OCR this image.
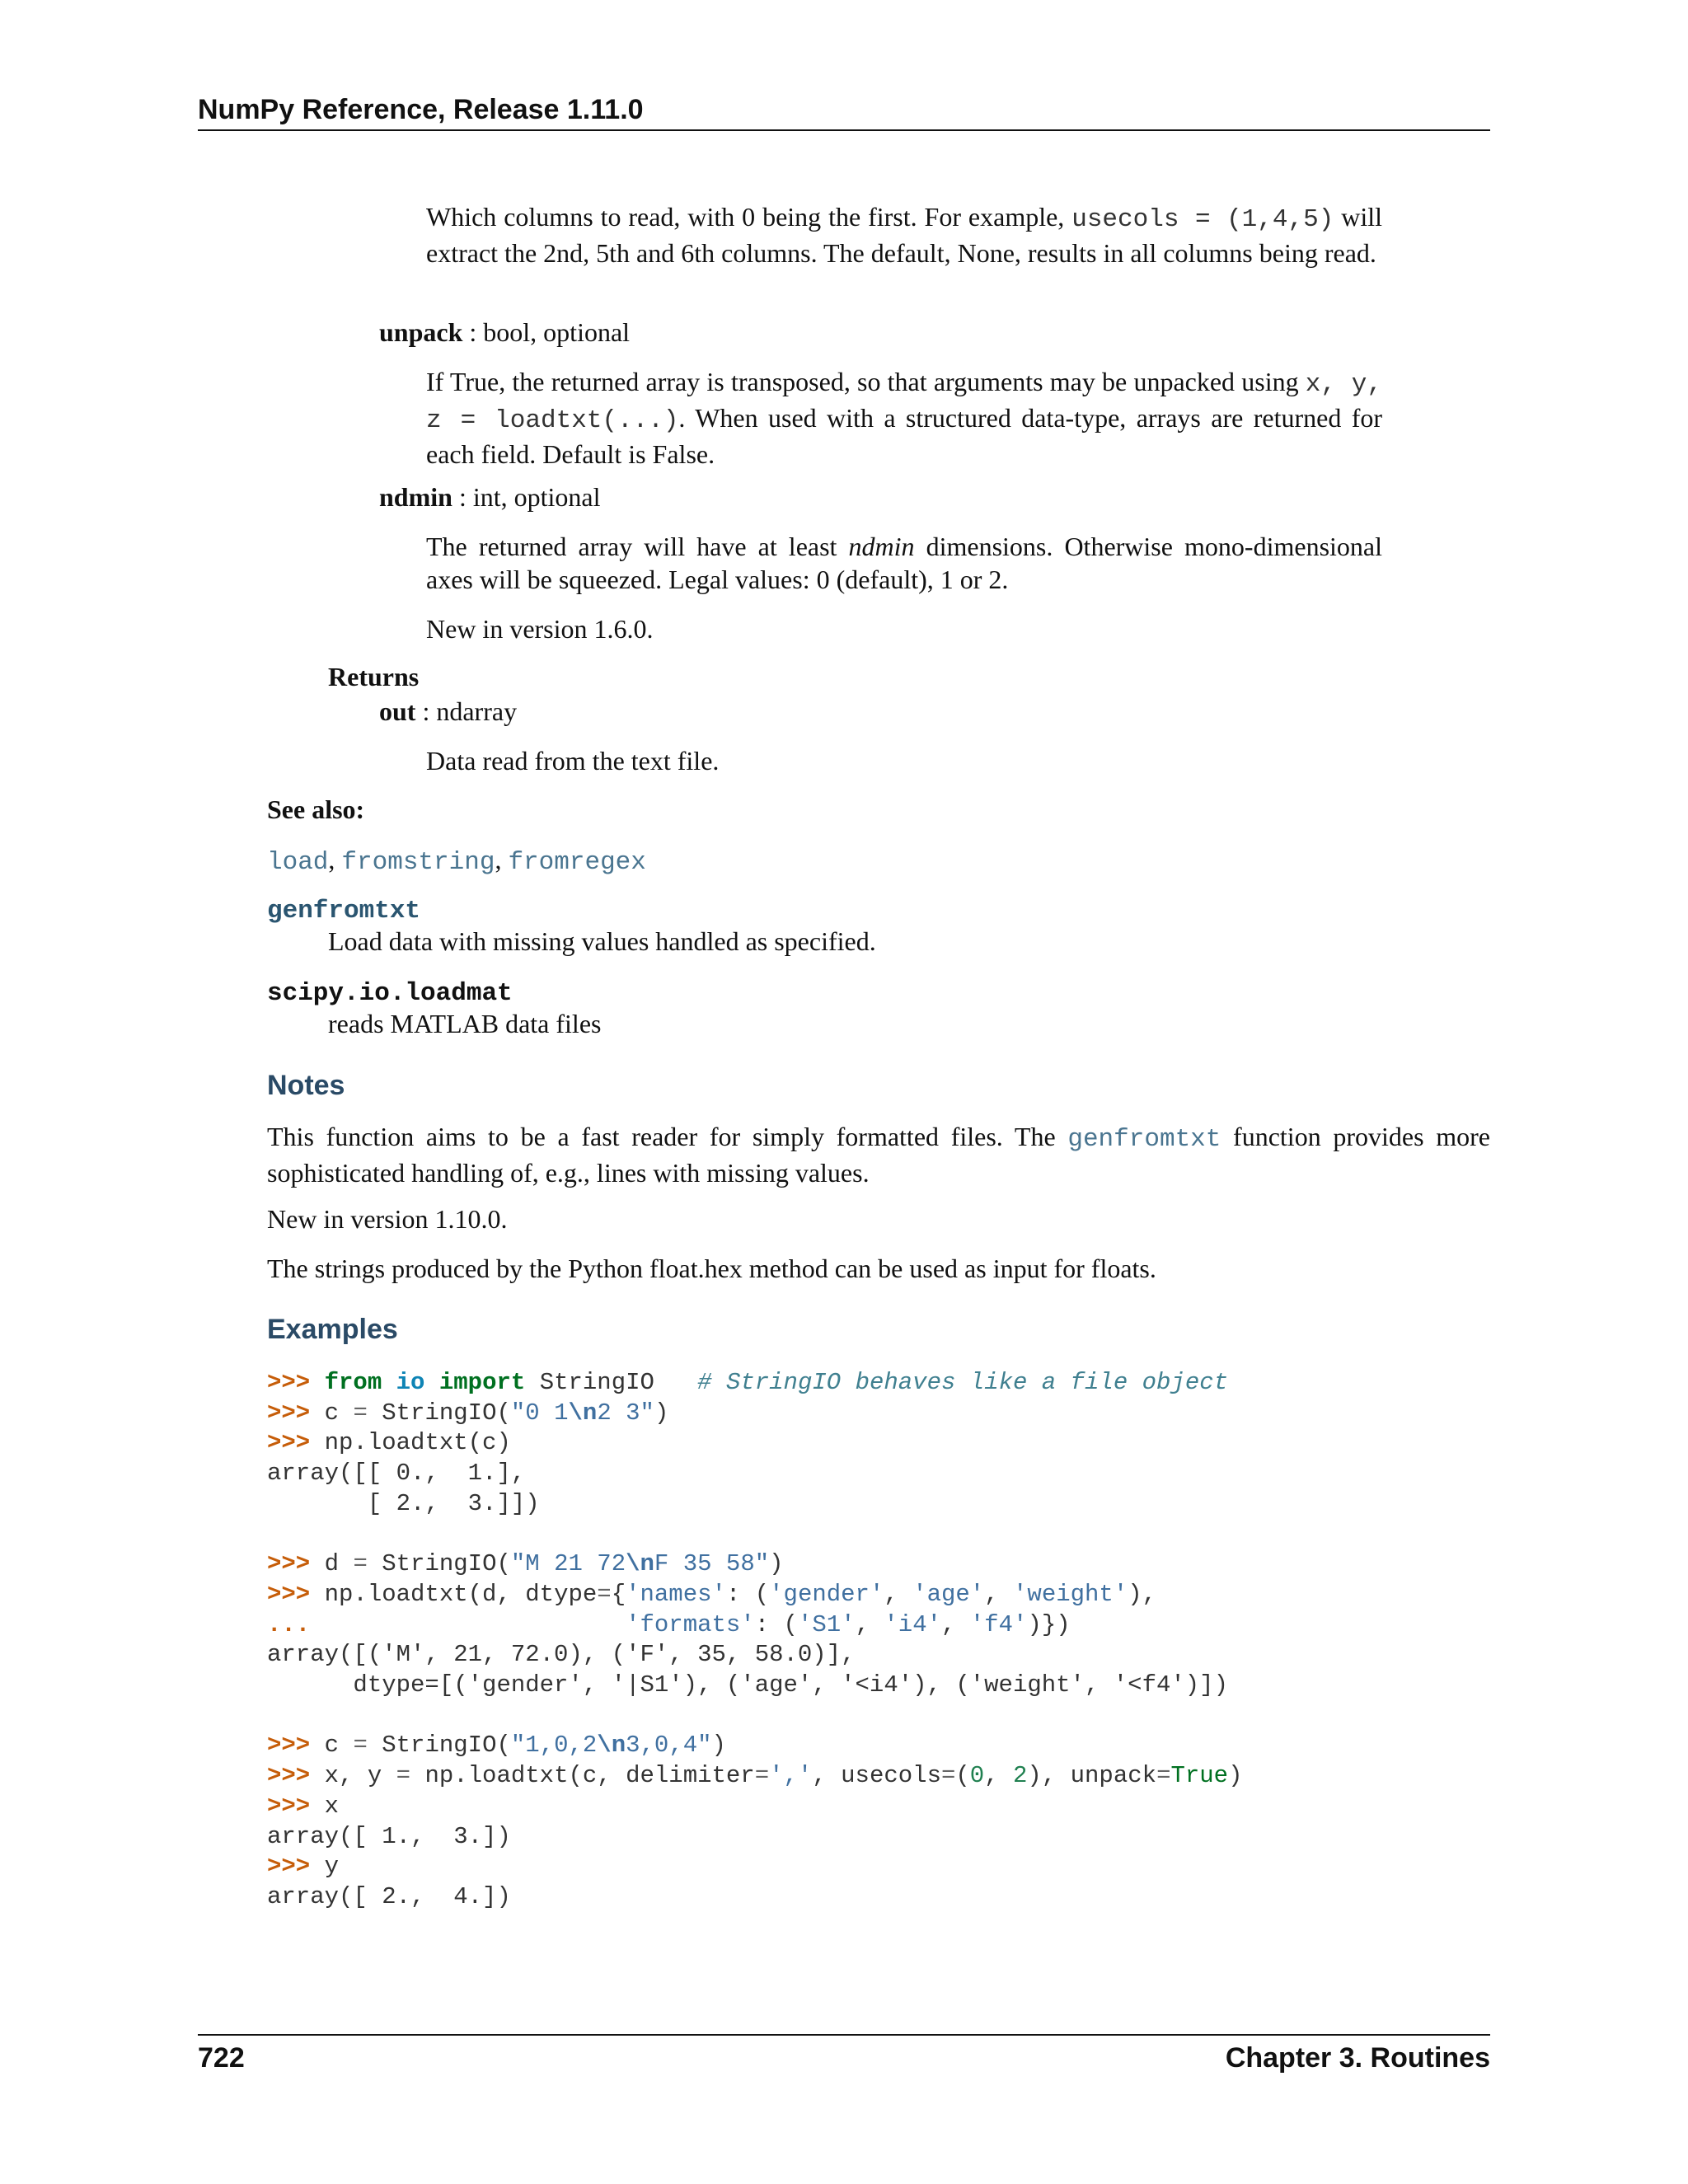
NumPy Reference, Release 1.11.0

Which columns to read, with 0 being the first. For example, usecols = (1,4,5) will extract the 2nd, 5th and 6th columns. The default, None, results in all columns being read.

unpack : bool, optional

If True, the returned array is transposed, so that arguments may be unpacked using x, y, z = loadtxt(...). When used with a structured data-type, arrays are returned for each field. Default is False.

ndmin : int, optional

The returned array will have at least ndmin dimensions. Otherwise mono-dimensional axes will be squeezed. Legal values: 0 (default), 1 or 2.

New in version 1.6.0.

Returns

out : ndarray

Data read from the text file.

See also:

load, fromstring, fromregex

genfromtxt

Load data with missing values handled as specified.

scipy.io.loadmat

reads MATLAB data files

Notes

This function aims to be a fast reader for simply formatted files. The genfromtxt function provides more sophisticated handling of, e.g., lines with missing values.

New in version 1.10.0.

The strings produced by the Python float.hex method can be used as input for floats.

Examples

>>> from io import StringIO   # StringIO behaves like a file object
>>> c = StringIO("0 1\n2 3")
>>> np.loadtxt(c)
array([[ 0.,  1.],
[ 2.,  3.]])
>>> d = StringIO("M 21 72\nF 35 58")
>>> np.loadtxt(d, dtype={'names': ('gender', 'age', 'weight'),
...	'formats': ('S1', 'i4', 'f4')})
array([('M', 21, 72.0), ('F', 35, 58.0)],
dtype=[('gender', '|S1'), ('age', '<i4'), ('weight', '<f4')])
>>> c = StringIO("1,0,2\n3,0,4")
>>> x, y = np.loadtxt(c, delimiter=',', usecols=(0, 2), unpack=True)
>>> x
array([ 1.,  3.])
>>> y
array([ 2.,  4.])
722	Chapter 3. Routines
